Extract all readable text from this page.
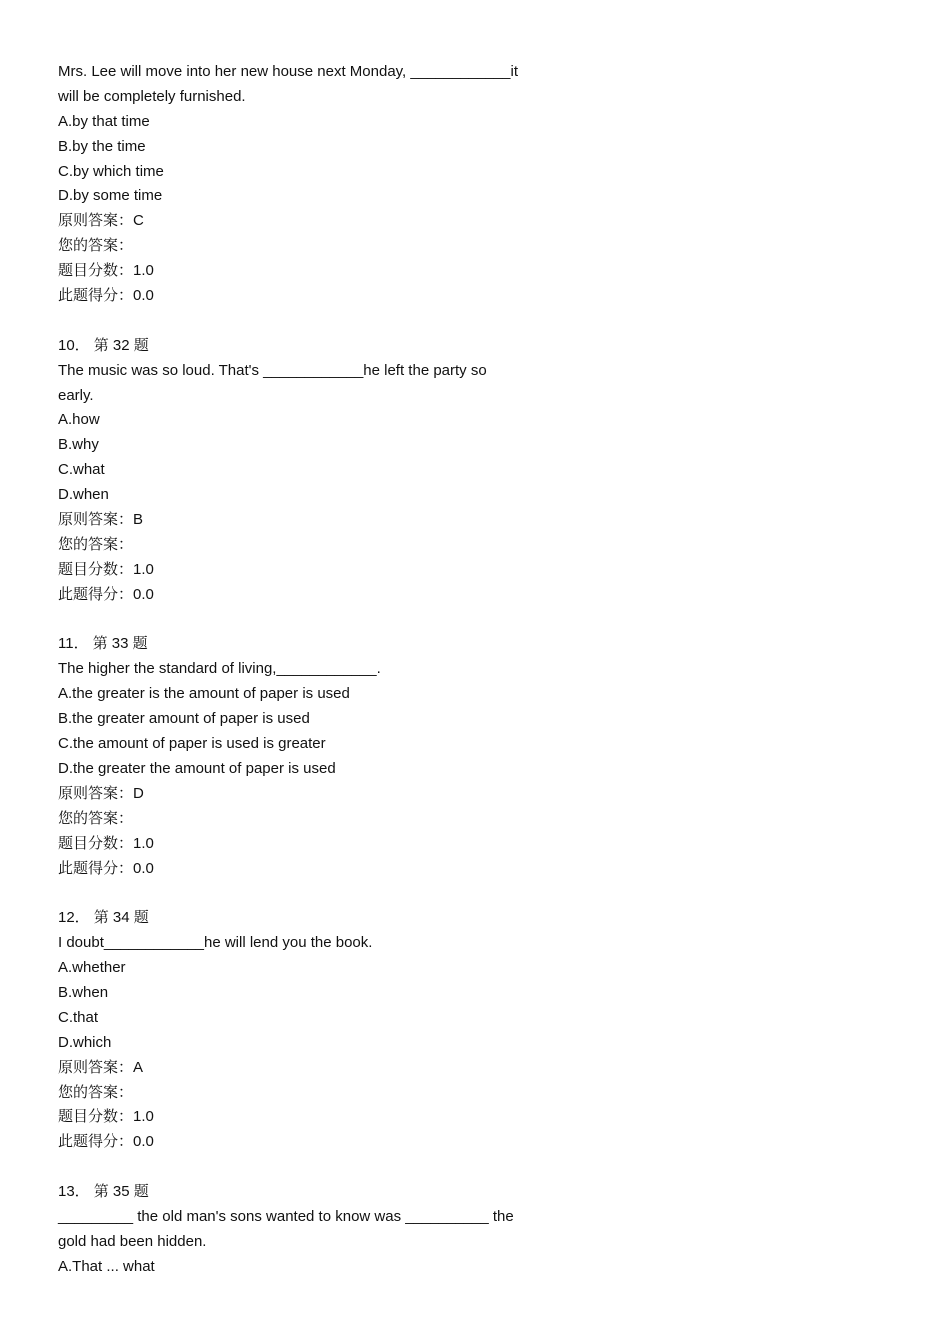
Mrs. Lee will move into her new house next Monday, ____________it
will be completely furnished.
A.by that time
B.by the time
C.by which time
D.by some time
原则答案：C
您的答案：
题目分数：1.0
此题得分：0.0
10． 第 32 题
The music was so loud. That's ____________he left the party so
early.
A.how
B.why
C.what
D.when
原则答案：B
您的答案：
题目分数：1.0
此题得分：0.0
11． 第 33 题
The higher the standard of living,____________.
A.the greater is the amount of paper is used
B.the greater amount of paper is used
C.the amount of paper is used is greater
D.the greater the amount of paper is used
原则答案：D
您的答案：
题目分数：1.0
此题得分：0.0
12． 第 34 题
I doubt____________he will lend you the book.
A.whether
B.when
C.that
D.which
原则答案：A
您的答案：
题目分数：1.0
此题得分：0.0
13． 第 35 题
_________ the old man's sons wanted to know was __________ the
gold had been hidden.
A.That ... what
